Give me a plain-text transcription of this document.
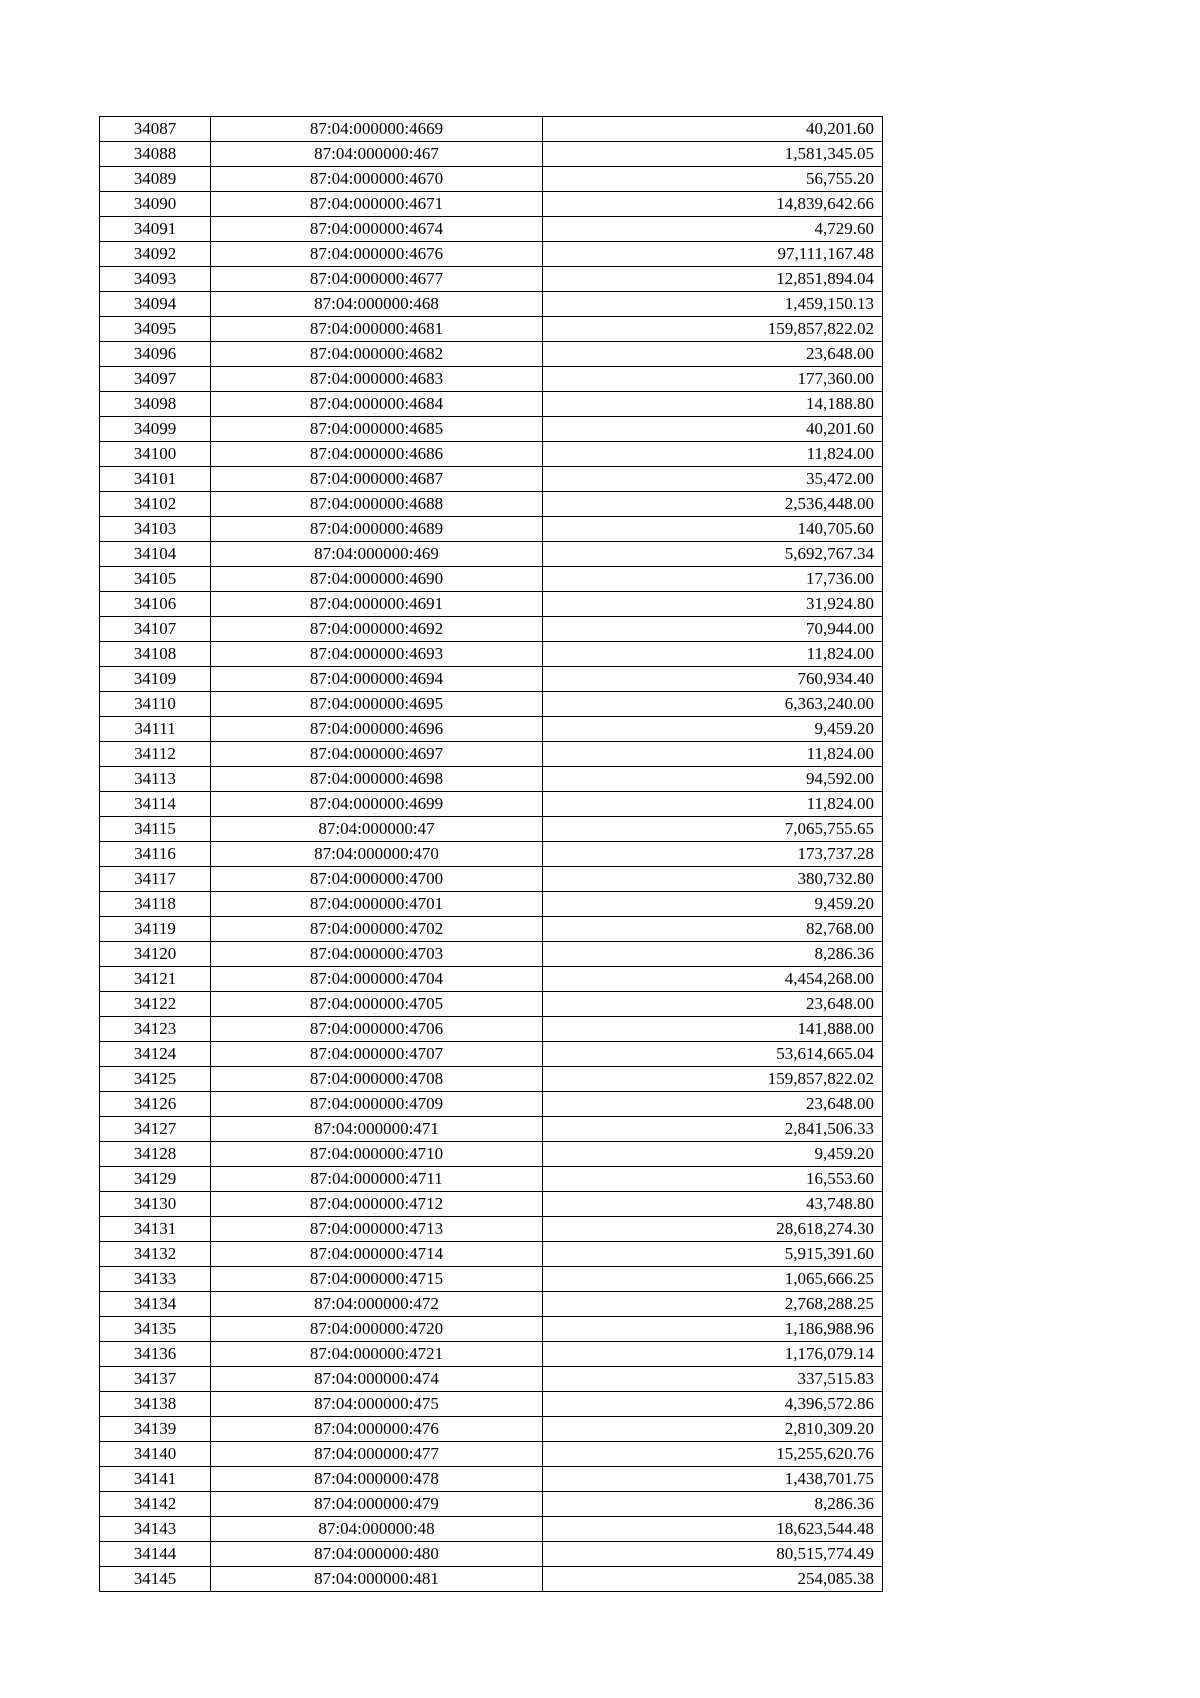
34087	87:04:000000:4669	40,201.60
34088	87:04:000000:467	1,581,345.05
34089	87:04:000000:4670	56,755.20
34090	87:04:000000:4671	14,839,642.66
34091	87:04:000000:4674	4,729.60
34092	87:04:000000:4676	97,111,167.48
34093	87:04:000000:4677	12,851,894.04
34094	87:04:000000:468	1,459,150.13
34095	87:04:000000:4681	159,857,822.02
34096	87:04:000000:4682	23,648.00
34097	87:04:000000:4683	177,360.00
34098	87:04:000000:4684	14,188.80
34099	87:04:000000:4685	40,201.60
34100	87:04:000000:4686	11,824.00
34101	87:04:000000:4687	35,472.00
34102	87:04:000000:4688	2,536,448.00
34103	87:04:000000:4689	140,705.60
34104	87:04:000000:469	5,692,767.34
34105	87:04:000000:4690	17,736.00
34106	87:04:000000:4691	31,924.80
34107	87:04:000000:4692	70,944.00
34108	87:04:000000:4693	11,824.00
34109	87:04:000000:4694	760,934.40
34110	87:04:000000:4695	6,363,240.00
34111	87:04:000000:4696	9,459.20
34112	87:04:000000:4697	11,824.00
34113	87:04:000000:4698	94,592.00
34114	87:04:000000:4699	11,824.00
34115	87:04:000000:47	7,065,755.65
34116	87:04:000000:470	173,737.28
34117	87:04:000000:4700	380,732.80
34118	87:04:000000:4701	9,459.20
34119	87:04:000000:4702	82,768.00
34120	87:04:000000:4703	8,286.36
34121	87:04:000000:4704	4,454,268.00
34122	87:04:000000:4705	23,648.00
34123	87:04:000000:4706	141,888.00
34124	87:04:000000:4707	53,614,665.04
34125	87:04:000000:4708	159,857,822.02
34126	87:04:000000:4709	23,648.00
34127	87:04:000000:471	2,841,506.33
34128	87:04:000000:4710	9,459.20
34129	87:04:000000:4711	16,553.60
34130	87:04:000000:4712	43,748.80
34131	87:04:000000:4713	28,618,274.30
34132	87:04:000000:4714	5,915,391.60
34133	87:04:000000:4715	1,065,666.25
34134	87:04:000000:472	2,768,288.25
34135	87:04:000000:4720	1,186,988.96
34136	87:04:000000:4721	1,176,079.14
34137	87:04:000000:474	337,515.83
34138	87:04:000000:475	4,396,572.86
34139	87:04:000000:476	2,810,309.20
34140	87:04:000000:477	15,255,620.76
34141	87:04:000000:478	1,438,701.75
34142	87:04:000000:479	8,286.36
34143	87:04:000000:48	18,623,544.48
34144	87:04:000000:480	80,515,774.49
34145	87:04:000000:481	254,085.38
